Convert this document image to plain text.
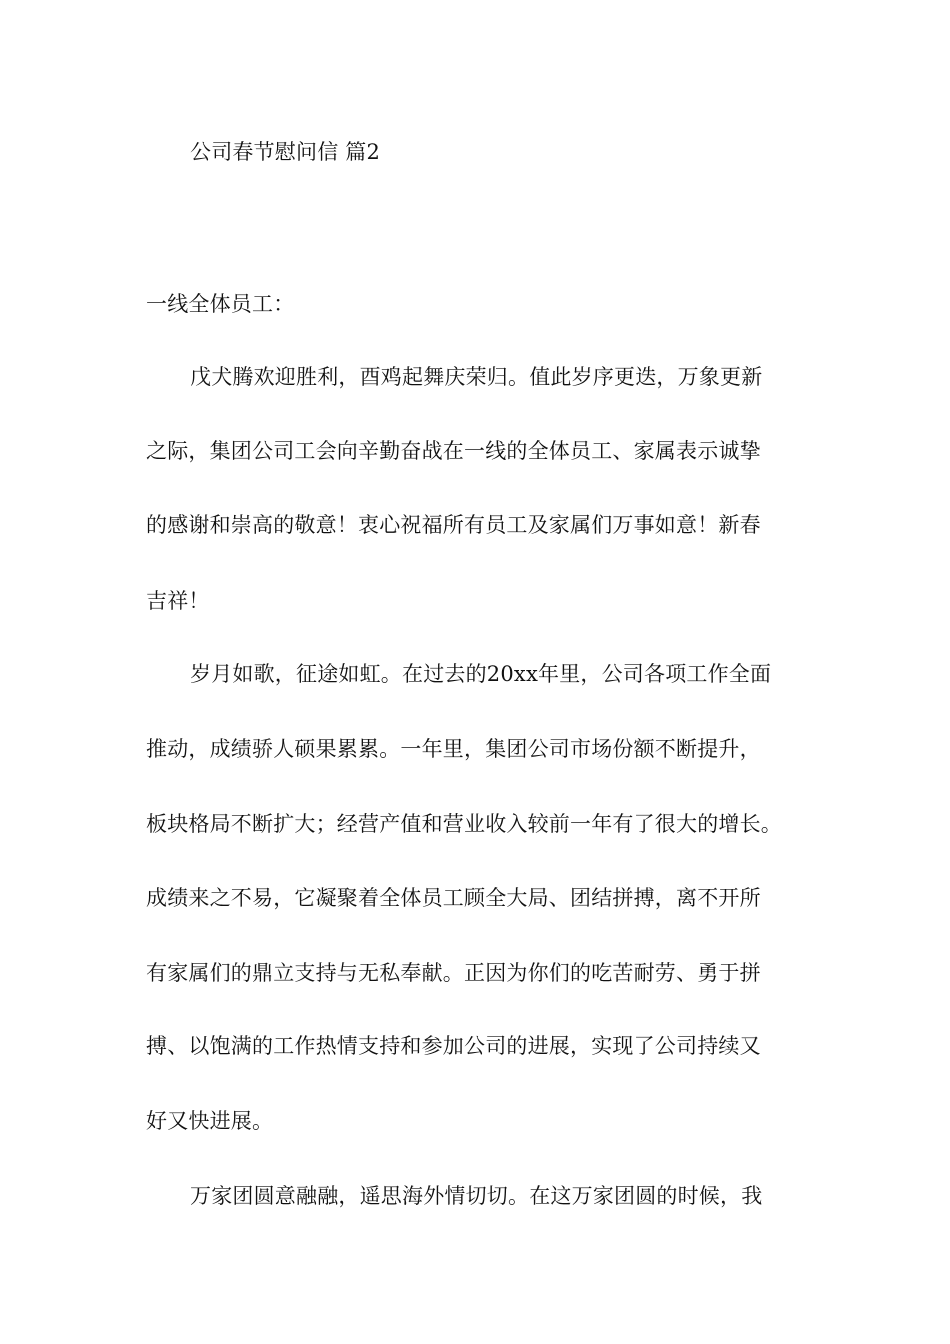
公司春节慰问信 篇2
一线全体员工：
戊犬腾欢迎胜利，酉鸡起舞庆荣归。值此岁序更迭，万象更新
之际，集团公司工会向辛勤奋战在一线的全体员工、家属表示诚挚
的感谢和崇高的敬意！衷心祝福所有员工及家属们万事如意！新春
吉祥！
岁月如歌，征途如虹。在过去的20xx年里，公司各项工作全面
推动，成绩骄人硕果累累。一年里，集团公司市场份额不断提升，
板块格局不断扩大；经营产值和营业收入较前一年有了很大的增长。
成绩来之不易，它凝聚着全体员工顾全大局、团结拼搏，离不开所
有家属们的鼎立支持与无私奉献。正因为你们的吃苦耐劳、勇于拼
搏、以饱满的工作热情支持和参加公司的进展，实现了公司持续又
好又快进展。
万家团圆意融融，遥思海外情切切。在这万家团圆的时候，我
